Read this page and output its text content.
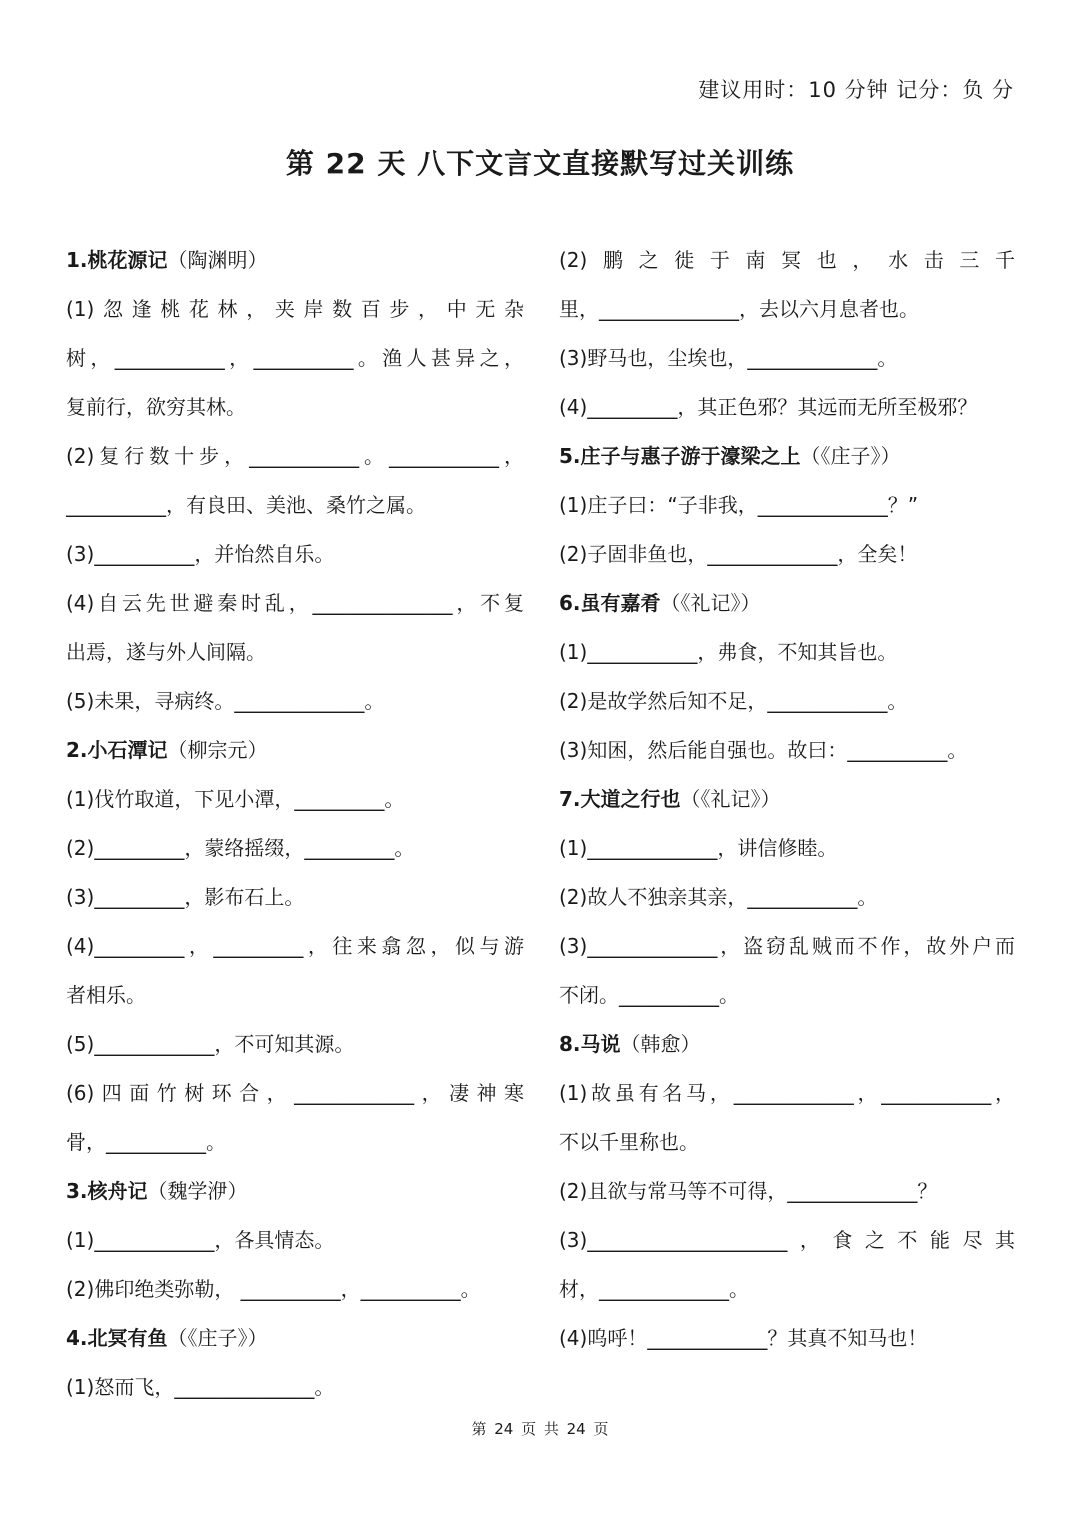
建议用时：10 分钟 记分：负 分
第 22 天 八下文言文直接默写过关训练
1.桃花源记（陶渊明）
(1)忽逢桃花林，夹岸数百步，中无杂
树，___________，__________。渔人甚异之，
复前行，欲穷其林。
(2)复行数十步，___________。___________，
__________，有良田、美池、桑竹之属。
(3)__________，并怡然自乐。
(4)自云先世避秦时乱，______________，不复
出焉，遂与外人间隔。
(5)未果，寻病终。_____________。
2.小石潭记（柳宗元）
(1)伐竹取道，下见小潭，_________。
(2)_________，蒙络摇缀，_________。
(3)_________，影布石上。
(4)_________，_________，往来翕忽，似与游
者相乐。
(5)____________，不可知其源。
(6)四面竹树环合，____________，凄神寒
骨，__________。
3.核舟记（魏学洢）
(1)____________，各具情态。
(2)佛印绝类弥勒， __________，__________。
4.北冥有鱼（《庄子》）
(1)怒而飞，______________。
(2)鹏之徙于南冥也，水击三千
里，______________，去以六月息者也。
(3)野马也，尘埃也，_____________。
(4)_________，其正色邪？其远而无所至极邪？
5.庄子与惠子游于濠梁之上（《庄子》）
(1)庄子曰：“子非我，_____________？”
(2)子固非鱼也，_____________，全矣！
6.虽有嘉肴（《礼记》）
(1)___________，弗食，不知其旨也。
(2)是故学然后知不足，____________。
(3)知困，然后能自强也。故曰：__________。
7.大道之行也（《礼记》）
(1)_____________，讲信修睦。
(2)故人不独亲其亲，___________。
(3)_____________，盗窃乱贼而不作，故外户而
不闭。__________。
8.马说（韩愈）
(1)故虽有名马，____________，___________，
不以千里称也。
(2)且欲与常马等不可得，_____________？
(3)____________________，食之不能尽其
材，_____________。
(4)呜呼！____________？其真不知马也！
第 24 页 共 24 页
